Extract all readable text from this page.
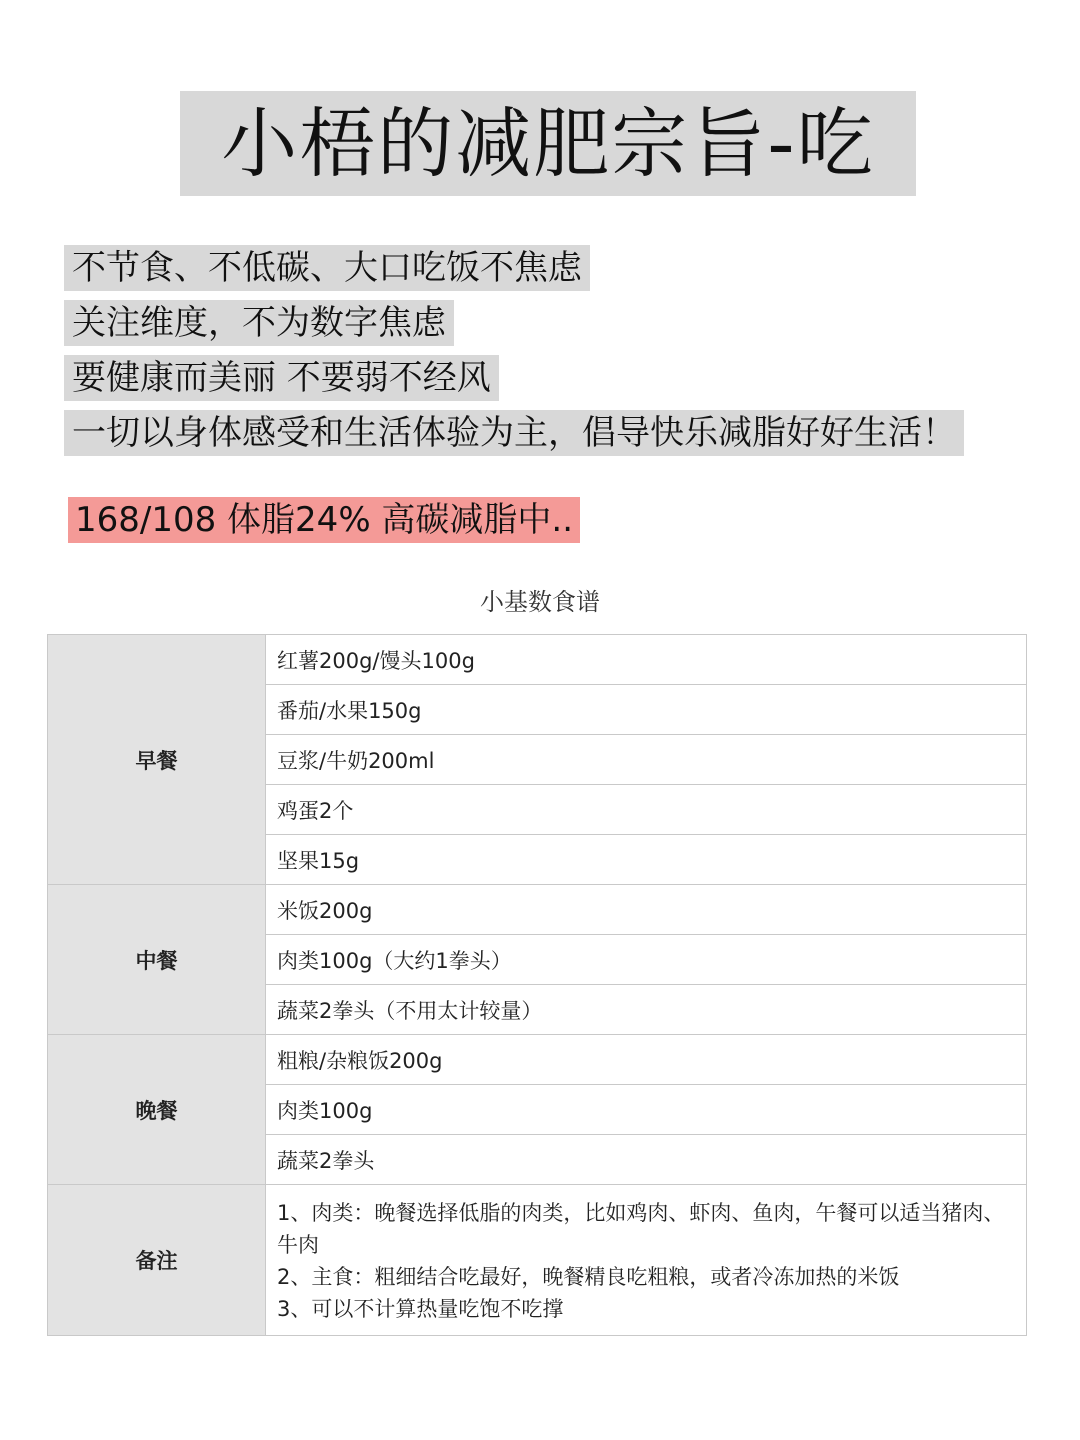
小梧的减肥宗旨-吃
不节食、不低碳、大口吃饭不焦虑
关注维度，不为数字焦虑
要健康而美丽 不要弱不经风
一切以身体感受和生活体验为主，倡导快乐减脂好好生活！
168/108 体脂24% 高碳减脂中..
小基数食谱
早餐	红薯200g/馒头100g
	番茄/水果150g
	豆浆/牛奶200ml
	鸡蛋2个
	坚果15g
中餐	米饭200g
	肉类100g（大约1拳头）
	蔬菜2拳头（不用太计较量）
晚餐	粗粮/杂粮饭200g
	肉类100g
	蔬菜2拳头
备注	1、肉类：晚餐选择低脂的肉类，比如鸡肉、虾肉、鱼肉，午餐可以适当猪肉、牛肉
2、主食：粗细结合吃最好，晚餐精良吃粗粮，或者冷冻加热的米饭
3、可以不计算热量吃饱不吃撑
